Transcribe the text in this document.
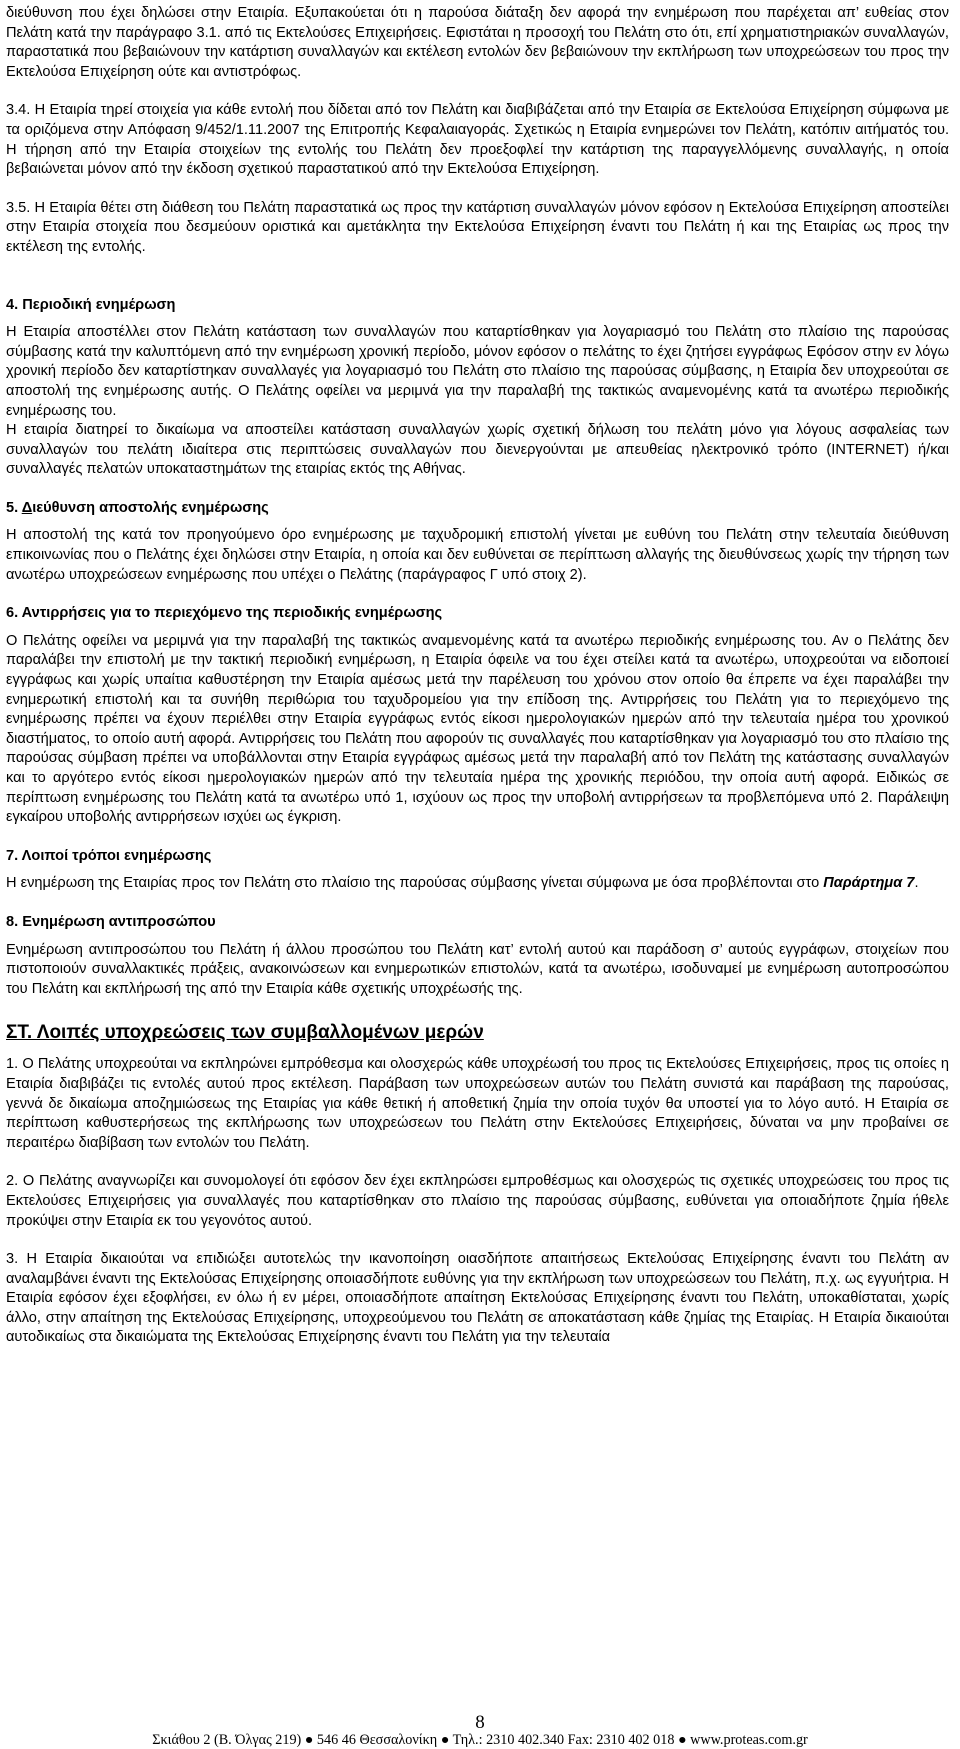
διεύθυνση που έχει δηλώσει στην Εταιρία. Εξυπακούεται ότι η παρούσα διάταξη δεν αφορά την ενημέρωση που παρέχεται απ’ ευθείας στον Πελάτη κατά την παράγραφο 3.1. από τις Εκτελούσες Επιχειρήσεις. Εφιστάται η προσοχή του Πελάτη στο ότι, επί χρηματιστηριακών συναλλαγών, παραστατικά που βεβαιώνουν την κατάρτιση συναλλαγών και εκτέλεση εντολών δεν βεβαιώνουν την εκπλήρωση των υποχρεώσεων του προς την Εκτελούσα Επιχείρηση ούτε και αντιστρόφως.

3.4. Η Εταιρία τηρεί στοιχεία για κάθε εντολή που δίδεται από τον Πελάτη και διαβιβάζεται από την Εταιρία σε Εκτελούσα Επιχείρηση σύμφωνα με τα οριζόμενα στην Απόφαση 9/452/1.11.2007 της Επιτροπής Κεφαλαιαγοράς. Σχετικώς η Εταιρία ενημερώνει τον Πελάτη, κατόπιν αιτήματός του. Η τήρηση από την Εταιρία στοιχείων της εντολής του Πελάτη δεν προεξοφλεί την κατάρτιση της παραγγελλόμενης συναλλαγής, η οποία βεβαιώνεται μόνον από την έκδοση σχετικού παραστατικού από την Εκτελούσα Επιχείρηση.

3.5. Η Εταιρία θέτει στη διάθεση του Πελάτη παραστατικά ως προς την κατάρτιση συναλλαγών μόνον εφόσον η Εκτελούσα Επιχείρηση αποστείλει στην Εταιρία στοιχεία που δεσμεύουν οριστικά και αμετάκλητα την Εκτελούσα Επιχείρηση έναντι του Πελάτη ή και της Εταιρίας ως προς την εκτέλεση της εντολής.

4. Περιοδική ενημέρωση

Η Εταιρία αποστέλλει στον Πελάτη κατάσταση των συναλλαγών που καταρτίσθηκαν για λογαριασμό του Πελάτη στο πλαίσιο της παρούσας σύμβασης κατά την καλυπτόμενη από την ενημέρωση χρονική περίοδο, μόνον εφόσον ο πελάτης το έχει ζητήσει εγγράφως Εφόσον στην εν λόγω χρονική περίοδο δεν καταρτίστηκαν συναλλαγές για λογαριασμό του Πελάτη στο πλαίσιο της παρούσας σύμβασης, η Εταιρία δεν υποχρεούται σε αποστολή της ενημέρωσης αυτής. Ο Πελάτης οφείλει να μεριμνά για την παραλαβή της τακτικώς αναμενομένης κατά τα ανωτέρω περιοδικής ενημέρωσης του.

Η εταιρία διατηρεί το δικαίωμα να αποστείλει κατάσταση συναλλαγών χωρίς σχετική δήλωση του πελάτη μόνο για λόγους ασφαλείας των συναλλαγών του πελάτη ιδιαίτερα στις περιπτώσεις συναλλαγών που διενεργούνται με απευθείας ηλεκτρονικό τρόπο (INTERNET) ή/και συναλλαγές πελατών υποκαταστημάτων της εταιρίας εκτός της Αθήνας.

5. Διεύθυνση αποστολής ενημέρωσης

Η αποστολή της κατά τον προηγούμενο όρο ενημέρωσης με ταχυδρομική επιστολή γίνεται με ευθύνη του Πελάτη στην τελευταία διεύθυνση επικοινωνίας που ο Πελάτης έχει δηλώσει στην Εταιρία, η οποία και δεν ευθύνεται σε περίπτωση αλλαγής της διευθύνσεως χωρίς την τήρηση των ανωτέρω υποχρεώσεων ενημέρωσης που υπέχει ο Πελάτης (παράγραφος Γ υπό στοιχ 2).

6. Αντιρρήσεις για το περιεχόμενο της περιοδικής ενημέρωσης

Ο Πελάτης οφείλει να μεριμνά για την παραλαβή της τακτικώς αναμενομένης κατά τα ανωτέρω περιοδικής ενημέρωσης του. Αν ο Πελάτης δεν παραλάβει την επιστολή με την τακτική περιοδική ενημέρωση, η Εταιρία όφειλε να του έχει στείλει κατά τα ανωτέρω, υποχρεούται να ειδοποιεί εγγράφως και χωρίς υπαίτια καθυστέρηση την Εταιρία αμέσως μετά την παρέλευση του χρόνου στον οποίο θα έπρεπε να έχει παραλάβει την ενημερωτική επιστολή και τα συνήθη περιθώρια του ταχυδρομείου για την επίδοση της. Αντιρρήσεις του Πελάτη για το περιεχόμενο της ενημέρωσης πρέπει να έχουν περιέλθει στην Εταιρία εγγράφως εντός είκοσι ημερολογιακών ημερών από την τελευταία ημέρα του χρονικού διαστήματος, το οποίο αυτή αφορά. Αντιρρήσεις του Πελάτη που αφορούν τις συναλλαγές που καταρτίσθηκαν για λογαριασμό του στο πλαίσιο της παρούσας σύμβαση πρέπει να υποβάλλονται στην Εταιρία εγγράφως αμέσως μετά την παραλαβή από τον Πελάτη της κατάστασης συναλλαγών και το αργότερο εντός είκοσι ημερολογιακών ημερών από την τελευταία ημέρα της χρονικής περιόδου, την οποία αυτή αφορά. Ειδικώς σε περίπτωση ενημέρωσης του Πελάτη κατά τα ανωτέρω υπό 1, ισχύουν ως προς την υποβολή αντιρρήσεων τα προβλεπόμενα υπό 2. Παράλειψη εγκαίρου υποβολής αντιρρήσεων ισχύει ως έγκριση.

7. Λοιποί τρόποι ενημέρωσης

Η ενημέρωση της Εταιρίας προς τον Πελάτη στο πλαίσιο της παρούσας σύμβασης γίνεται σύμφωνα με όσα προβλέπονται στο Παράρτημα 7.

8. Ενημέρωση αντιπροσώπου

Ενημέρωση αντιπροσώπου του Πελάτη ή άλλου προσώπου του Πελάτη κατ’ εντολή αυτού και παράδοση σ’ αυτούς εγγράφων, στοιχείων που πιστοποιούν συναλλακτικές πράξεις, ανακοινώσεων και ενημερωτικών επιστολών, κατά τα ανωτέρω, ισοδυναμεί με ενημέρωση αυτοπροσώπου του Πελάτη και εκπλήρωσή της από την Εταιρία κάθε σχετικής υποχρέωσής της.

ΣΤ. Λοιπές υποχρεώσεις των συμβαλλομένων μερών

1. Ο Πελάτης υποχρεούται να εκπληρώνει εμπρόθεσμα και ολοσχερώς κάθε υποχρέωσή του προς τις Εκτελούσες Επιχειρήσεις, προς τις οποίες η Εταιρία διαβιβάζει τις εντολές αυτού προς εκτέλεση. Παράβαση των υποχρεώσεων αυτών του Πελάτη συνιστά και παράβαση της παρούσας, γεννά δε δικαίωμα αποζημιώσεως της Εταιρίας για κάθε θετική ή αποθετική ζημία την οποία τυχόν θα υποστεί για το λόγο αυτό. Η Εταιρία σε περίπτωση καθυστερήσεως της εκπλήρωσης των υποχρεώσεων του Πελάτη στην Εκτελούσες Επιχειρήσεις, δύναται να μην προβαίνει σε περαιτέρω διαβίβαση των εντολών του Πελάτη.

2. Ο Πελάτης αναγνωρίζει και συνομολογεί ότι εφόσον δεν έχει εκπληρώσει εμπροθέσμως και ολοσχερώς τις σχετικές υποχρεώσεις του προς τις Εκτελούσες Επιχειρήσεις για συναλλαγές που καταρτίσθηκαν στο πλαίσιο της παρούσας σύμβασης, ευθύνεται για οποιαδήποτε ζημία ήθελε προκύψει στην Εταιρία εκ του γεγονότος αυτού.

3. Η Εταιρία δικαιούται να επιδιώξει αυτοτελώς την ικανοποίηση οιασδήποτε απαιτήσεως Εκτελούσας Επιχείρησης έναντι του Πελάτη αν αναλαμβάνει έναντι της Εκτελούσας Επιχείρησης οποιασδήποτε ευθύνης για την εκπλήρωση των υποχρεώσεων του Πελάτη, π.χ. ως εγγυήτρια. Η Εταιρία εφόσον έχει εξοφλήσει, εν όλω ή εν μέρει, οποιασδήποτε απαίτηση Εκτελούσας Επιχείρησης έναντι του Πελάτη, υποκαθίσταται, χωρίς άλλο, στην απαίτηση της Εκτελούσας Επιχείρησης, υποχρεούμενου του Πελάτη σε αποκατάσταση κάθε ζημίας της Εταιρίας. Η Εταιρία δικαιούται αυτοδικαίως στα δικαιώματα της Εκτελούσας Επιχείρησης έναντι του Πελάτη για την τελευταία

8
Σκιάθου 2 (Β. Όλγας 219) ● 546 46 Θεσσαλονίκη ● Τηλ.: 2310 402.340 Fax: 2310 402 018 ● www.proteas.com.gr
